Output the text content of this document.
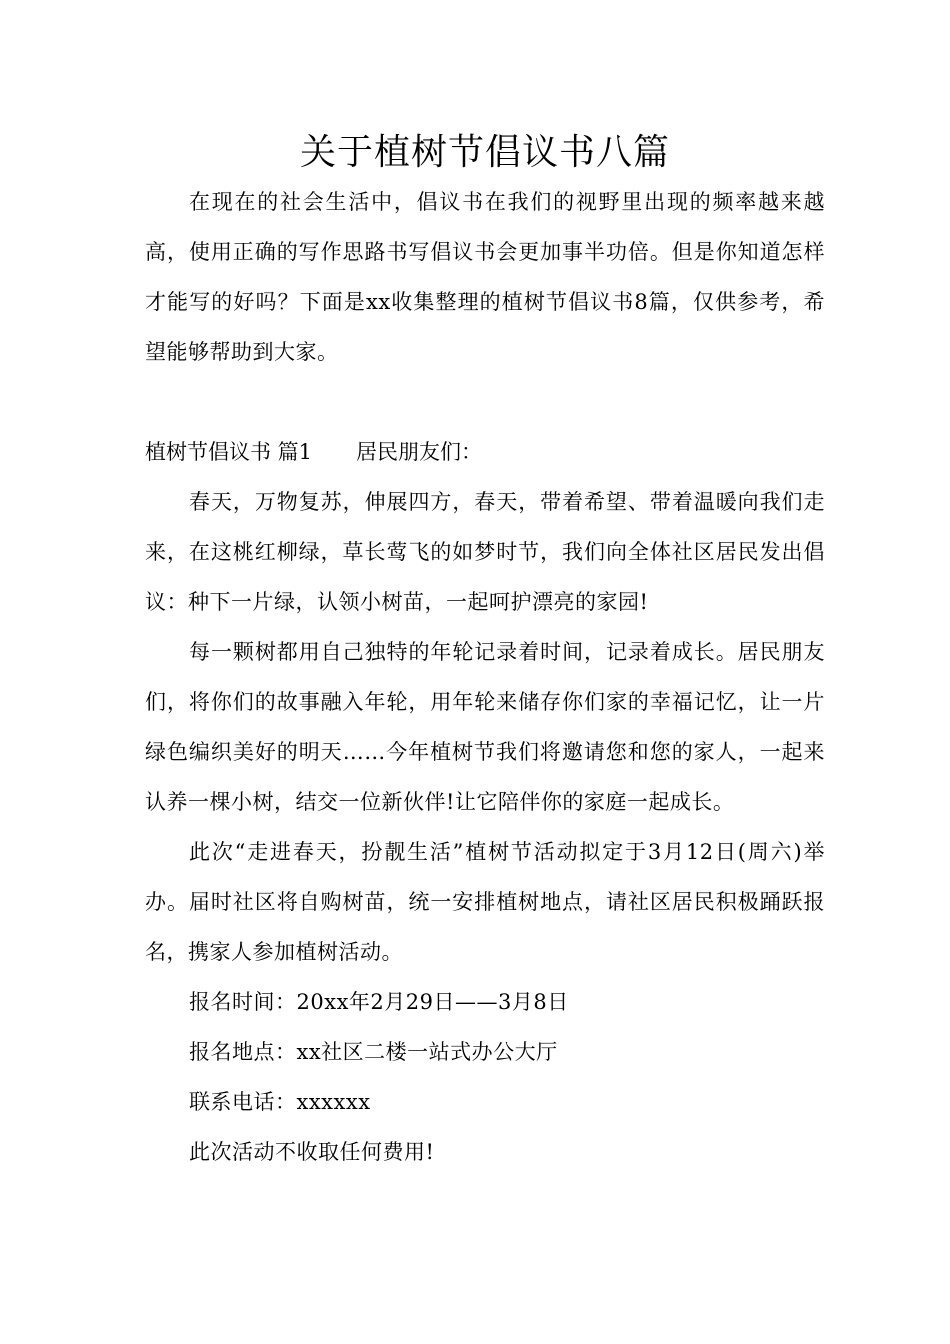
关于植树节倡议书八篇

在现在的社会生活中，倡议书在我们的视野里出现的频率越来越高，使用正确的写作思路书写倡议书会更加事半功倍。但是你知道怎样才能写的好吗？下面是xx收集整理的植树节倡议书8篇，仅供参考，希望能够帮助到大家。

植树节倡议书 篇1 居民朋友们：

春天，万物复苏，伸展四方，春天，带着希望、带着温暖向我们走来，在这桃红柳绿，草长莺飞的如梦时节，我们向全体社区居民发出倡议：种下一片绿，认领小树苗，一起呵护漂亮的家园!

每一颗树都用自己独特的年轮记录着时间，记录着成长。居民朋友们，将你们的故事融入年轮，用年轮来储存你们家的幸福记忆，让一片绿色编织美好的明天……今年植树节我们将邀请您和您的家人，一起来认养一棵小树，结交一位新伙伴!让它陪伴你的家庭一起成长。

此次“走进春天，扮靓生活”植树节活动拟定于3月12日(周六)举办。届时社区将自购树苗，统一安排植树地点，请社区居民积极踊跃报名，携家人参加植树活动。

报名时间：20xx年2月29日——3月8日

报名地点：xx社区二楼一站式办公大厅

联系电话：xxxxxx

此次活动不收取任何费用!
